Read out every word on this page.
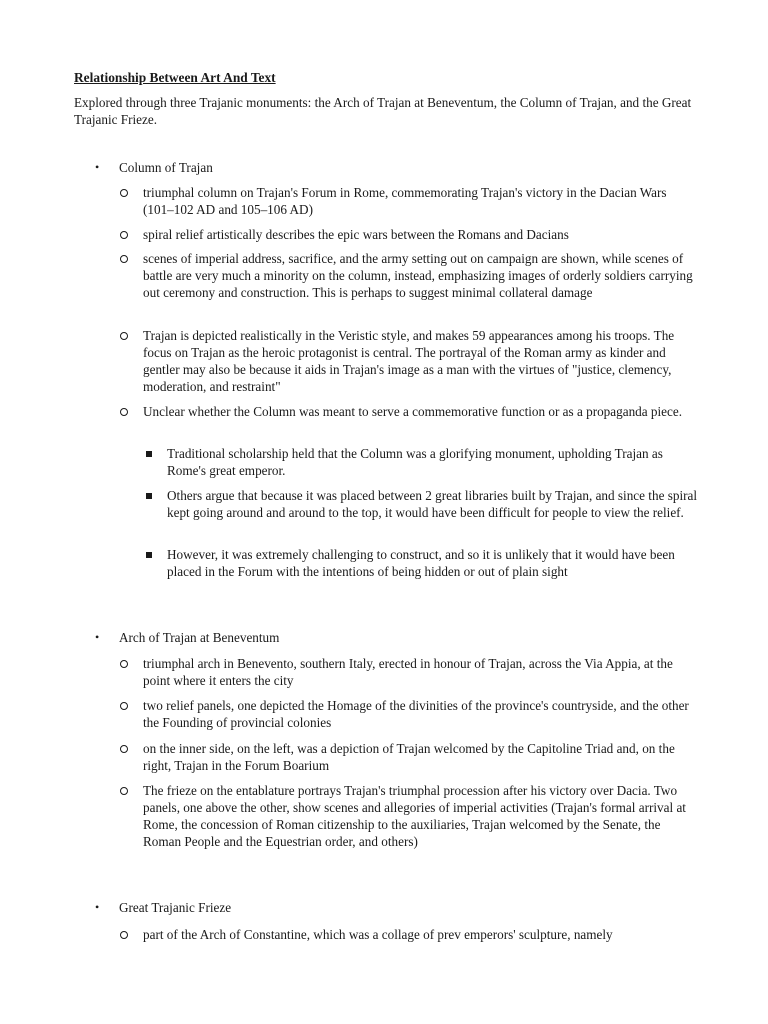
Relationship Between Art And Text
Explored through three Trajanic monuments: the Arch of Trajan at Beneventum, the Column of Trajan, and the Great Trajanic Frieze.
• Column of Trajan
triumphal column on Trajan's Forum in Rome, commemorating Trajan's victory in the Dacian Wars (101–102 AD and 105–106 AD)
spiral relief artistically describes the epic wars between the Romans and Dacians
scenes of imperial address, sacrifice, and the army setting out on campaign are shown, while scenes of battle are very much a minority on the column, instead, emphasizing images of orderly soldiers carrying out ceremony and construction. This is perhaps to suggest minimal collateral damage
Trajan is depicted realistically in the Veristic style, and makes 59 appearances among his troops. The focus on Trajan as the heroic protagonist is central. The portrayal of the Roman army as kinder and gentler may also be because it aids in Trajan's image as a man with the virtues of "justice, clemency, moderation, and restraint"
Unclear whether the Column was meant to serve a commemorative function or as a propaganda piece.
Traditional scholarship held that the Column was a glorifying monument, upholding Trajan as Rome's great emperor.
Others argue that because it was placed between 2 great libraries built by Trajan, and since the spiral kept going around and around to the top, it would have been difficult for people to view the relief.
However, it was extremely challenging to construct, and so it is unlikely that it would have been placed in the Forum with the intentions of being hidden or out of plain sight
• Arch of Trajan at Beneventum
triumphal arch in Benevento, southern Italy, erected in honour of Trajan, across the Via Appia, at the point where it enters the city
two relief panels, one depicted the Homage of the divinities of the province's countryside, and the other the Founding of provincial colonies
on the inner side, on the left, was a depiction of Trajan welcomed by the Capitoline Triad and, on the right, Trajan in the Forum Boarium
The frieze on the entablature portrays Trajan's triumphal procession after his victory over Dacia. Two panels, one above the other, show scenes and allegories of imperial activities (Trajan's formal arrival at Rome, the concession of Roman citizenship to the auxiliaries, Trajan welcomed by the Senate, the Roman People and the Equestrian order, and others)
• Great Trajanic Frieze
part of the Arch of Constantine, which was a collage of prev emperors' sculpture, namely
